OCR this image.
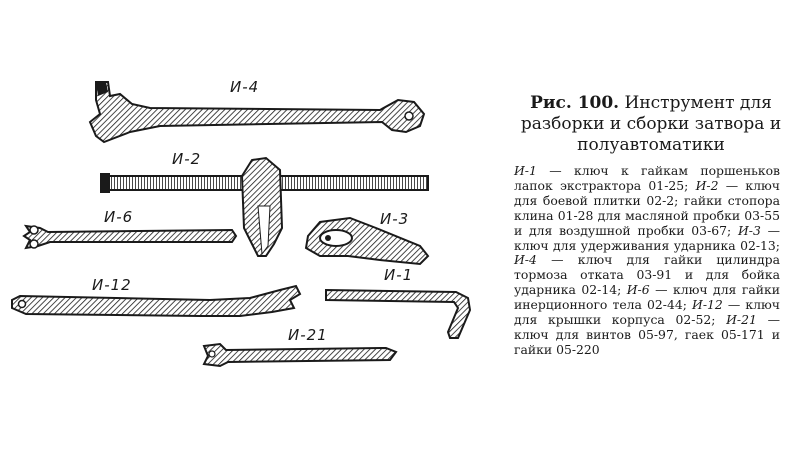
И-4
И-2
И-6	И-3
И-12
И-1
И-21

Рис. 100. Инструмент для разборки и сборки затвора и полуавтоматики

И-1 — ключ к гайкам поршеньков лапок экстрактора 01-25; И-2 — ключ для боевой плитки 02-2; гайки стопора клина 01-28 для масляной пробки 03-55 и для воздушной пробки 03-67; И-3 — ключ для удерживания ударника 02-13; И-4 — ключ для гайки цилиндра тормоза отката 03-91 и для бойка ударника 02-14; И-6 — ключ для гайки инерционного тела 02-44; И-12 — ключ для крышки корпуса 02-52; И-21 — ключ для винтов 05-97, гаек 05-171 и гайки 05-220
